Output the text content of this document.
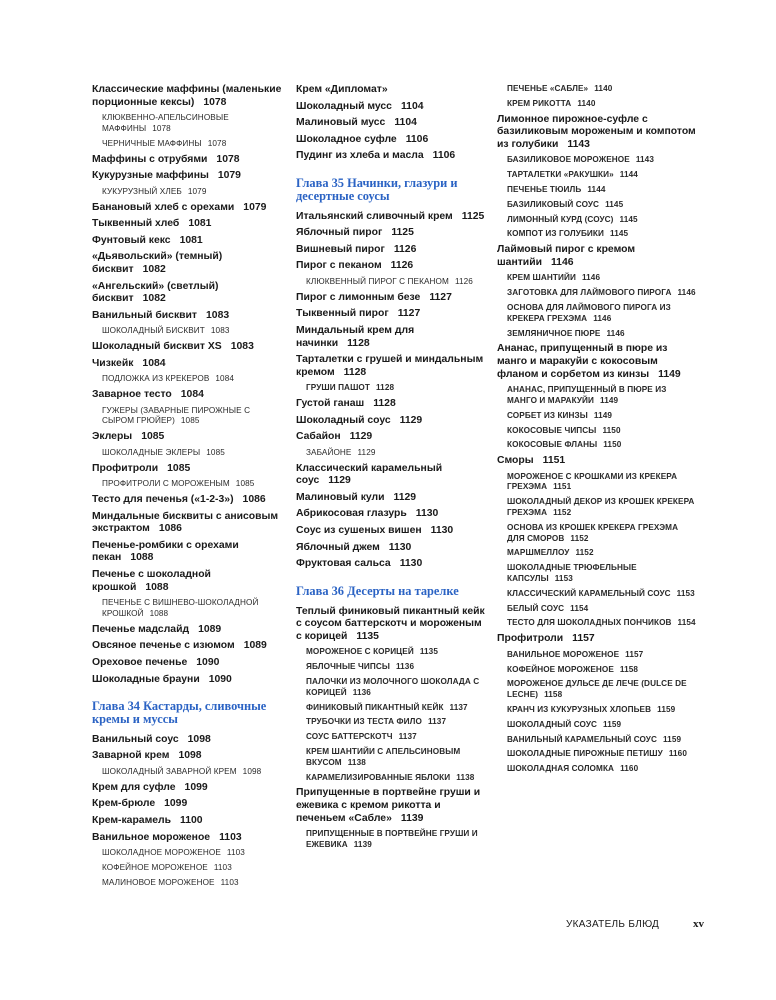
Классические маффины (маленькие порционные кексы) 1078
КЛЮКВЕННО-АПЕЛЬСИНОВЫЕ МАФФИНЫ 1078
ЧЕРНИЧНЫЕ МАФФИНЫ 1078
Маффины с отрубями 1078
Кукурузные маффины 1079
КУКУРУЗНЫЙ ХЛЕБ 1079
Банановый хлеб с орехами 1079
Тыквенный хлеб 1081
Фунтовый кекс 1081
«Дьявольский» (темный) бисквит 1082
«Ангельский» (светлый) бисквит 1082
Ванильный бисквит 1083
ШОКОЛАДНЫЙ БИСКВИТ 1083
Шоколадный бисквит XS 1083
Чизкейк 1084
ПОДЛОЖКА ИЗ КРЕКЕРОВ 1084
Заварное тесто 1084
ГУЖЕРЫ (ЗАВАРНЫЕ ПИРОЖНЫЕ С СЫРОМ ГРЮЙЕР) 1085
Эклеры 1085
ШОКОЛАДНЫЕ ЭКЛЕРЫ 1085
Профитроли 1085
ПРОФИТРОЛИ С МОРОЖЕНЫМ 1085
Тесто для печенья («1-2-3») 1086
Миндальные бисквиты с анисовым экстрактом 1086
Печенье-ромбики с орехами пекан 1088
Печенье с шоколадной крошкой 1088
ПЕЧЕНЬЕ С ВИШНЕВО-ШОКОЛАДНОЙ КРОШКОЙ 1088
Печенье мадслайд 1089
Овсяное печенье с изюмом 1089
Ореховое печенье 1090
Шоколадные брауни 1090
Глава 34 Кастарды, сливочные кремы и муссы
Ванильный соус 1098
Заварной крем 1098
ШОКОЛАДНЫЙ ЗАВАРНОЙ КРЕМ 1098
Крем для суфле 1099
Крем-брюле 1099
Крем-карамель 1100
Ванильное мороженое 1103
ШОКОЛАДНОЕ МОРОЖЕНОЕ 1103
КОФЕЙНОЕ МОРОЖЕНОЕ 1103
МАЛИНОВОЕ МОРОЖЕНОЕ 1103
Крем «Дипломат»
Шоколадный мусс 1104
Малиновый мусс 1104
Шоколадное суфле 1106
Пудинг из хлеба и масла 1106
Глава 35 Начинки, глазури и десертные соусы
Итальянский сливочный крем 1125
Яблочный пирог 1125
Вишневый пирог 1126
Пирог с пеканом 1126
КЛЮКВЕННЫЙ ПИРОГ С ПЕКАНОМ 1126
Пирог с лимонным безе 1127
Тыквенный пирог 1127
Миндальный крем для начинки 1128
Тарталетки с грушей и миндальным кремом 1128
ГРУШИ ПАШОТ 1128
Густой ганаш 1128
Шоколадный соус 1129
Сабайон 1129
ЗАБАЙОНЕ 1129
Классический карамельный соус 1129
Малиновый кули 1129
Абрикосовая глазурь 1130
Соус из сушеных вишен 1130
Яблочный джем 1130
Фруктовая сальса 1130
Глава 36 Десерты на тарелке
Теплый финиковый пикантный кейк с соусом баттерскотч и мороженым с корицей 1135
МОРОЖЕНОЕ С КОРИЦЕЙ 1135
ЯБЛОЧНЫЕ ЧИПСЫ 1136
ПАЛОЧКИ ИЗ МОЛОЧНОГО ШОКОЛАДА С КОРИЦЕЙ 1136
ФИНИКОВЫЙ ПИКАНТНЫЙ КЕЙК 1137
ТРУБОЧКИ ИЗ ТЕСТА ФИЛО 1137
СОУС БАТТЕРСКОТЧ 1137
КРЕМ ШАНТИЙИ С АПЕЛЬСИНОВЫМ ВКУСОМ 1138
КАРАМЕЛИЗИРОВАННЫЕ ЯБЛОКИ 1138
Припущенные в портвейне груши и ежевика с кремом рикотта и печеньем «Сабле» 1139
ПРИПУЩЕННЫЕ В ПОРТВЕЙНЕ ГРУШИ И ЕЖЕВИКА 1139
ПЕЧЕНЬЕ «САБЛЕ» 1140
КРЕМ РИКОТТА 1140
Лимонное пирожное-суфле с базиликовым мороженым и компотом из голубики 1143
БАЗИЛИКОВОЕ МОРОЖЕНОЕ 1143
ТАРТАЛЕТКИ «РАКУШКИ» 1144
ПЕЧЕНЬЕ ТЮИЛЬ 1144
БАЗИЛИКОВЫЙ СОУС 1145
ЛИМОННЫЙ КУРД (СОУС) 1145
КОМПОТ ИЗ ГОЛУБИКИ 1145
Лаймовый пирог с кремом шантийи 1146
КРЕМ ШАНТИЙИ 1146
ЗАГОТОВКА ДЛЯ ЛАЙМОВОГО ПИРОГА 1146
ОСНОВА ДЛЯ ЛАЙМОВОГО ПИРОГА ИЗ КРЕКЕРА ГРЕХЭМА 1146
ЗЕМЛЯНИЧНОЕ ПЮРЕ 1146
Ананас, припущенный в пюре из манго и маракуйи с кокосовым фланом и сорбетом из кинзы 1149
АНАНАС, ПРИПУЩЕННЫЙ В ПЮРЕ ИЗ МАНГО И МАРАКУЙИ 1149
СОРБЕТ ИЗ КИНЗЫ 1149
КОКОСОВЫЕ ЧИПСЫ 1150
КОКОСОВЫЕ ФЛАНЫ 1150
Сморы 1151
МОРОЖЕНОЕ С КРОШКАМИ ИЗ КРЕКЕРА ГРЕХЭМА 1151
ШОКОЛАДНЫЙ ДЕКОР ИЗ КРОШЕК КРЕКЕРА ГРЕХЭМА 1152
ОСНОВА ИЗ КРОШЕК КРЕКЕРА ГРЕХЭМА ДЛЯ СМОРОВ 1152
МАРШМЕЛЛОУ 1152
ШОКОЛАДНЫЕ ТРЮФЕЛЬНЫЕ КАПСУЛЫ 1153
КЛАССИЧЕСКИЙ КАРАМЕЛЬНЫЙ СОУС 1153
БЕЛЫЙ СОУС 1154
ТЕСТО ДЛЯ ШОКОЛАДНЫХ ПОНЧИКОВ 1154
Профитроли 1157
ВАНИЛЬНОЕ МОРОЖЕНОЕ 1157
КОФЕЙНОЕ МОРОЖЕНОЕ 1158
МОРОЖЕНОЕ ДУЛЬСЕ ДЕ ЛЕЧЕ (DULCE DE LECHE) 1158
КРАНЧ ИЗ КУКУРУЗНЫХ ХЛОПЬЕВ 1159
ШОКОЛАДНЫЙ СОУС 1159
ВАНИЛЬНЫЙ КАРАМЕЛЬНЫЙ СОУС 1159
ШОКОЛАДНЫЕ ПИРОЖНЫЕ ПЕТИШУ 1160
ШОКОЛАДНАЯ СОЛОМКА 1160
УКАЗАТЕЛЬ БЛЮД	xv
